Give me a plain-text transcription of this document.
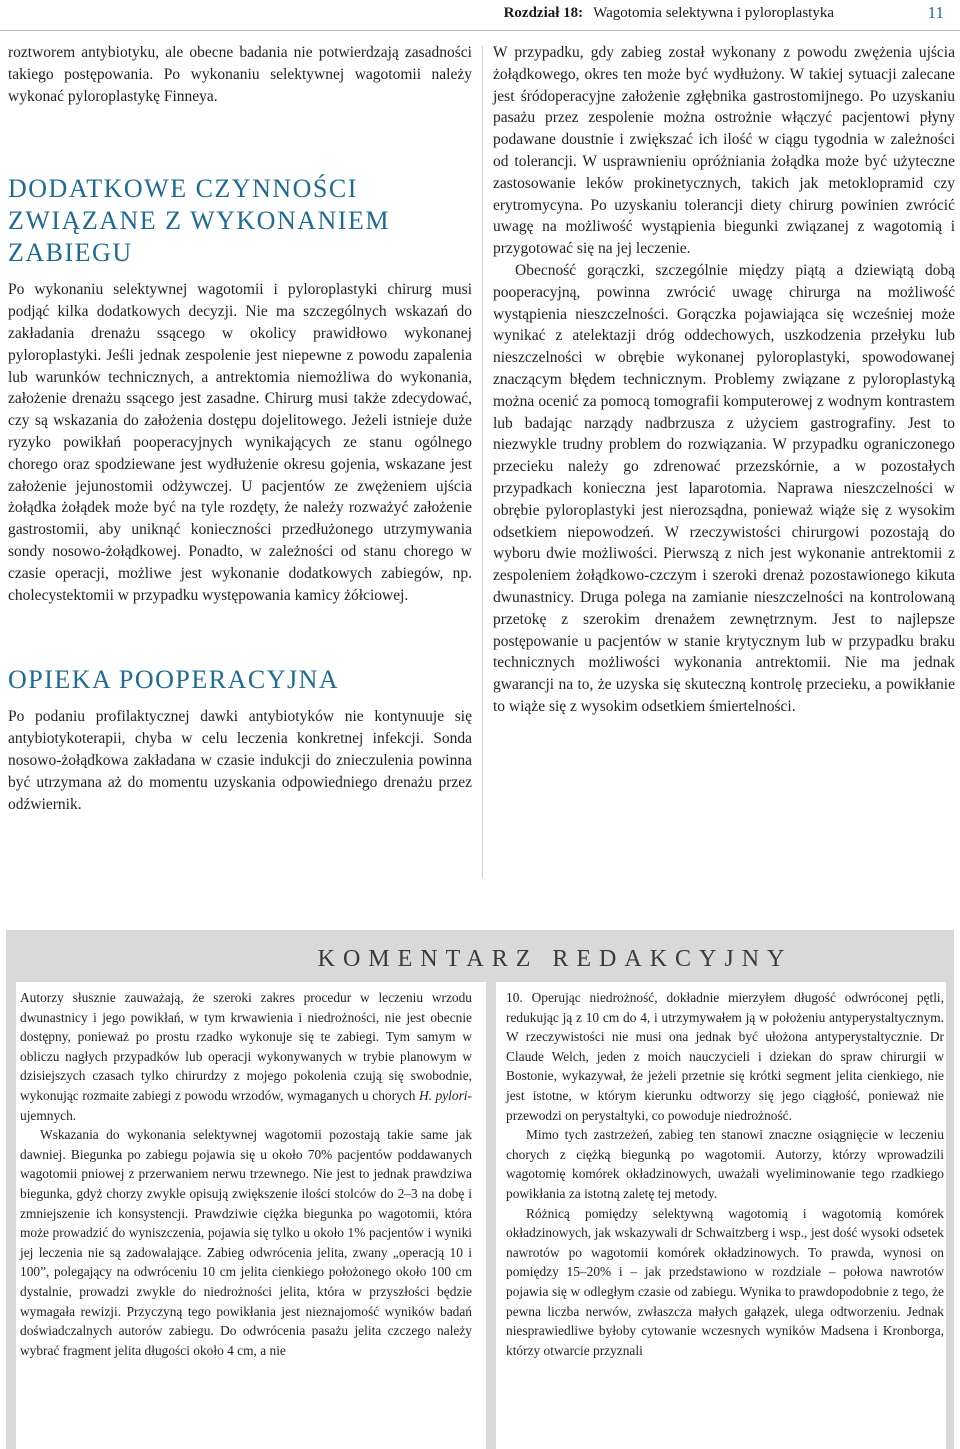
Rozdział 18: Wagotomia selektywna i pyloroplastyka	11

roztworem antybiotyku, ale obecne badania nie potwierdzają zasadności takiego postępowania. Po wykonaniu selektywnej wagotomii należy wykonać pyloroplastykę Finneya.

DODATKOWE CZYNNOŚCI ZWIĄZANE Z WYKONANIEM ZABIEGU

Po wykonaniu selektywnej wagotomii i pyloroplastyki chirurg musi podjąć kilka dodatkowych decyzji. Nie ma szczególnych wskazań do zakładania drenażu ssącego w okolicy prawidłowo wykonanej pyloroplastyki. Jeśli jednak zespolenie jest niepewne z powodu zapalenia lub warunków technicznych, a antrektomia niemożliwa do wykonania, założenie drenażu ssącego jest zasadne. Chirurg musi także zdecydować, czy są wskazania do założenia dostępu dojelitowego. Jeżeli istnieje duże ryzyko powikłań pooperacyjnych wynikających ze stanu ogólnego chorego oraz spodziewane jest wydłużenie okresu gojenia, wskazane jest założenie jejunostomii odżywczej. U pacjentów ze zwężeniem ujścia żołądka żołądek może być na tyle rozdęty, że należy rozważyć założenie gastrostomii, aby uniknąć konieczności przedłużonego utrzymywania sondy nosowo-żołądkowej. Ponadto, w zależności od stanu chorego w czasie operacji, możliwe jest wykonanie dodatkowych zabiegów, np. cholecystektomii w przypadku występowania kamicy żółciowej.

OPIEKA POOPERACYJNA

Po podaniu profilaktycznej dawki antybiotyków nie kontynuuje się antybiotykoterapii, chyba w celu leczenia konkretnej infekcji. Sonda nosowo-żołądkowa zakładana w czasie indukcji do znieczulenia powinna być utrzymana aż do momentu uzyskania odpowiedniego drenażu przez odźwiernik.

W przypadku, gdy zabieg został wykonany z powodu zwężenia ujścia żołądkowego, okres ten może być wydłużony. W takiej sytuacji zalecane jest śródoperacyjne założenie zgłębnika gastrostomijnego. Po uzyskaniu pasażu przez zespolenie można ostrożnie włączyć pacjentowi płyny podawane doustnie i zwiększać ich ilość w ciągu tygodnia w zależności od tolerancji. W usprawnieniu opróżniania żołądka może być użyteczne zastosowanie leków prokinetycznych, takich jak metoklopramid czy erytromycyna. Po uzyskaniu tolerancji diety chirurg powinien zwrócić uwagę na możliwość wystąpienia biegunki związanej z wagotomią i przygotować się na jej leczenie.

Obecność gorączki, szczególnie między piątą a dziewiątą dobą pooperacyjną, powinna zwrócić uwagę chirurga na możliwość wystąpienia nieszczelności. Gorączka pojawiająca się wcześniej może wynikać z atelektazji dróg oddechowych, uszkodzenia przełyku lub nieszczelności w obrębie wykonanej pyloroplastyki, spowodowanej znaczącym błędem technicznym. Problemy związane z pyloroplastyką można ocenić za pomocą tomografii komputerowej z wodnym kontrastem lub badając narządy nadbrzusza z użyciem gastrografiny. Jest to niezwykle trudny problem do rozwiązania. W przypadku ograniczonego przecieku należy go zdrenować przezskórnie, a w pozostałych przypadkach konieczna jest laparotomia. Naprawa nieszczelności w obrębie pyloroplastyki jest nierozsądna, ponieważ wiąże się z wysokim odsetkiem niepowodzeń. W rzeczywistości chirurgowi pozostają do wyboru dwie możliwości. Pierwszą z nich jest wykonanie antrektomii z zespoleniem żołądkowo-czczym i szeroki drenaż pozostawionego kikuta dwunastnicy. Druga polega na zamianie nieszczelności na kontrolowaną przetokę z szerokim drenażem zewnętrznym. Jest to najlepsze postępowanie u pacjentów w stanie krytycznym lub w przypadku braku technicznych możliwości wykonania antrektomii. Nie ma jednak gwarancji na to, że uzyska się skuteczną kontrolę przecieku, a powikłanie to wiąże się z wysokim odsetkiem śmiertelności.

KOMENTARZ REDAKCYJNY

Autorzy słusznie zauważają, że szeroki zakres procedur w leczeniu wrzodu dwunastnicy i jego powikłań, w tym krwawienia i niedrożności, nie jest obecnie dostępny, ponieważ po prostu rzadko wykonuje się te zabiegi. Tym samym w obliczu nagłych przypadków lub operacji wykonywanych w trybie planowym w dzisiejszych czasach tylko chirurdzy z mojego pokolenia czują się swobodnie, wykonując rozmaite zabiegi z powodu wrzodów, wymaganych u chorych H. pylori-ujemnych.

Wskazania do wykonania selektywnej wagotomii pozostają takie same jak dawniej. Biegunka po zabiegu pojawia się u około 70% pacjentów poddawanych wagotomii pniowej z przerwaniem nerwu trzewnego. Nie jest to jednak prawdziwa biegunka, gdyż chorzy zwykle opisują zwiększenie ilości stolców do 2–3 na dobę i zmniejszenie ich konsystencji. Prawdziwie ciężka biegunka po wagotomii, która może prowadzić do wyniszczenia, pojawia się tylko u około 1% pacjentów i wyniki jej leczenia nie są zadowalające. Zabieg odwrócenia jelita, zwany „operacją 10 i 100”, polegający na odwróceniu 10 cm jelita cienkiego położonego około 100 cm dystalnie, prowadzi zwykle do niedrożności jelita, która w przyszłości będzie wymagała rewizji. Przyczyną tego powikłania jest nieznajomość wyników badań doświadczalnych autorów zabiegu. Do odwrócenia pasażu jelita czczego należy wybrać fragment jelita długości około 4 cm, a nie

10. Operując niedrożność, dokładnie mierzyłem długość odwróconej pętli, redukując ją z 10 cm do 4, i utrzymywałem ją w położeniu antyperystaltycznym. W rzeczywistości nie musi ona jednak być ułożona antyperystaltycznie. Dr Claude Welch, jeden z moich nauczycieli i dziekan do spraw chirurgii w Bostonie, wykazywał, że jeżeli przetnie się krótki segment jelita cienkiego, nie jest istotne, w którym kierunku odtworzy się jego ciągłość, ponieważ nie przewodzi on perystaltyki, co powoduje niedrożność.

Mimo tych zastrzeżeń, zabieg ten stanowi znaczne osiągnięcie w leczeniu chorych z ciężką biegunką po wagotomii. Autorzy, którzy wprowadzili wagotomię komórek okładzinowych, uważali wyeliminowanie tego rzadkiego powikłania za istotną zaletę tej metody.

Różnicą pomiędzy selektywną wagotomią i wagotomią komórek okładzinowych, jak wskazywali dr Schwaitzberg i wsp., jest dość wysoki odsetek nawrotów po wagotomii komórek okładzinowych. To prawda, wynosi on pomiędzy 15–20% i – jak przedstawiono w rozdziale – połowa nawrotów pojawia się w odległym czasie od zabiegu. Wynika to prawdopodobnie z tego, że pewna liczba nerwów, zwłaszcza małych gałązek, ulega odtworzeniu. Jednak niesprawiedliwe byłoby cytowanie wczesnych wyników Madsena i Kronborga, którzy otwarcie przyznali
